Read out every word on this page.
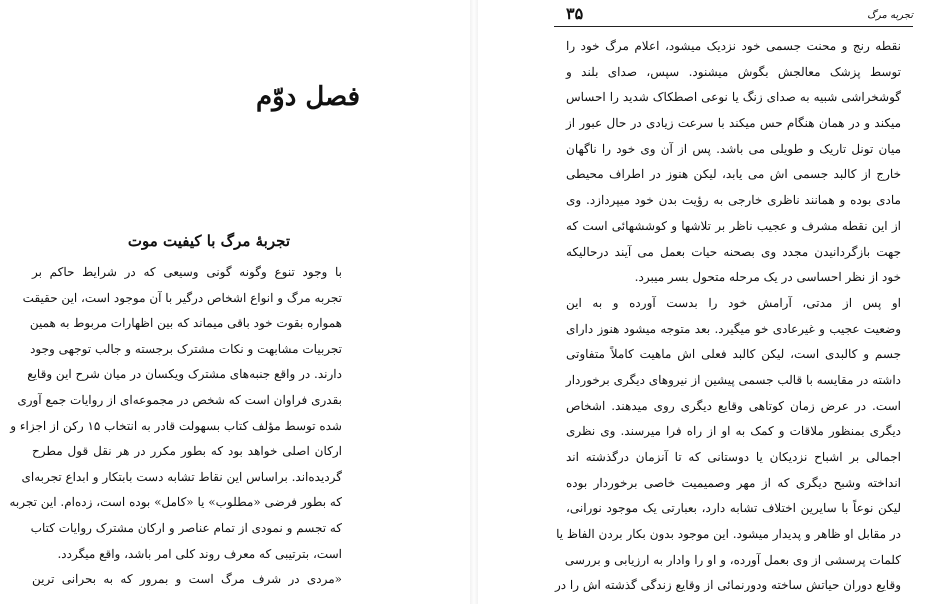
فصل دوّم
تجربهٔ مرگ با کیفیت موت
با وجود تنوع وگونه گونی وسیعی که در شرایط حاکم بر
تجربه مرگ و انواع اشخاص درگیر با آن موجود است، این حقیقت
همواره بقوت خود باقی میماند که بین اظهارات مربوط به همین
تجربیات مشابهت و نکات مشترک برجسته و جالب توجهی وجود
دارند. در واقع جنبه‌های مشترک ویکسان در میان شرح این وقایع
بقدری فراوان است که شخص در مجموعه‌ای از روایات جمع آوری
شده توسط مؤلف کتاب بسهولت قادر به انتخاب ۱۵ رکن از اجزاء و
ارکان اصلی خواهد بود که بطور مکرر در هر نقل قول مطرح
گردیده‌اند. براساس این نقاط تشابه دست بابتکار و ابداع تجربه‌ای
که بطور فرضی «مطلوب» یا «کامل» بوده است، زده‌ام. این تجربه
که تجسم و نمودی از تمام عناصر و ارکان مشترک روایات کتاب
است، بترتیبی که معرف روند کلی امر باشد، واقع میگردد.
«مردی در شرف مرگ است و بمرور که به بحرانی ترین
تجربه مرگ
۳۵
نقطه رنج و محنت جسمی خود نزدیک میشود، اعلام مرگ خود را
توسط پزشک معالجش بگوش میشنود. سپس، صدای بلند و
گوشخراشی شبیه به صدای زنگ یا نوعی اصطکاک شدید را احساس
میکند و در همان هنگام حس میکند با سرعت زیادی در حال عبور از
میان تونل تاریک و طویلی می باشد. پس از آن وی خود را ناگهان
خارج از کالبد جسمی اش می یابد، لیکن هنوز در اطراف محیطی
مادی بوده و همانند ناظری خارجی به رؤیت بدن خود میپردازد. وی
از این نقطه مشرف و عجیب ناظر بر تلاشها و کوششهائی است که
جهت بازگردانیدن مجدد وی بصحنه حیات بعمل می آیند درحالیکه
خود از نظر احساسی در یک مرحله متحول بسر میبرد.
او پس از مدتی، آرامش خود را بدست آورده و به این
وضعیت عجیب و غیرعادی خو میگیرد. بعد متوجه میشود هنوز دارای
جسم و کالبدی است، لیکن کالبد فعلی اش ماهیت کاملاً متفاوتی
داشته در مقایسه با قالب جسمی پیشین از نیروهای دیگری برخوردار
است. در عرض زمان کوتاهی وقایع دیگری روی میدهند. اشخاص
دیگری بمنظور ملاقات و کمک به او از راه فرا میرسند. وی نظری
اجمالی بر اشباح نزدیکان یا دوستانی که تا آنزمان درگذشته اند
انداخته وشبح دیگری که از مهر وصمیمیت خاصی برخوردار بوده
لیکن نوعاً با سایرین اختلاف تشابه دارد، بعبارتی یک موجود نورانی،
در مقابل او ظاهر و پدیدار میشود. این موجود بدون بکار بردن الفاظ یا
کلمات پرسشی از وی بعمل آورده، و او را وادار به ارزیابی و بررسی
وقایع دوران حیاتش ساخته ودورنمائی از وقایع زندگی گذشته اش را در
